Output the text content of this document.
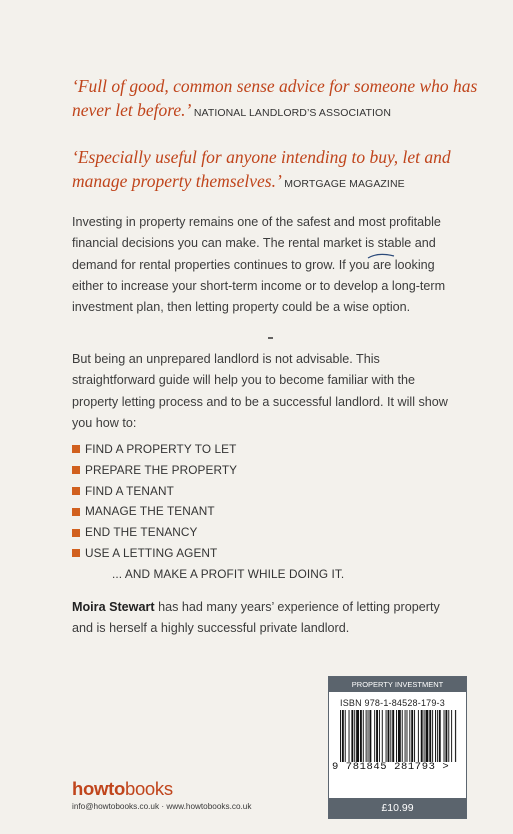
‘Full of good, common sense advice for someone who has never let before.’ NATIONAL LANDLORD’S ASSOCIATION
‘Especially useful for anyone intending to buy, let and manage property themselves.’ MORTGAGE MAGAZINE

Investing in property remains one of the safest and most profitable financial decisions you can make. The rental market is stable and demand for rental properties continues to grow. If you are looking either to increase your short-term income or to develop a long-term investment plan, then letting property could be a wise option.

But being an unprepared landlord is not advisable. This straightforward guide will help you to become familiar with the property letting process and to be a successful landlord. It will show you how to:

FIND A PROPERTY TO LET
PREPARE THE PROPERTY
FIND A TENANT
MANAGE THE TENANT
END THE TENANCY
USE A LETTING AGENT
... AND MAKE A PROFIT WHILE DOING IT.

Moira Stewart has had many years’ experience of letting property and is herself a highly successful private landlord.

howtobooks
info@howtobooks.co.uk · www.howtobooks.co.uk
PROPERTY INVESTMENT
ISBN 978-1-84528-179-3
9 781845 281793 >
£10.99
